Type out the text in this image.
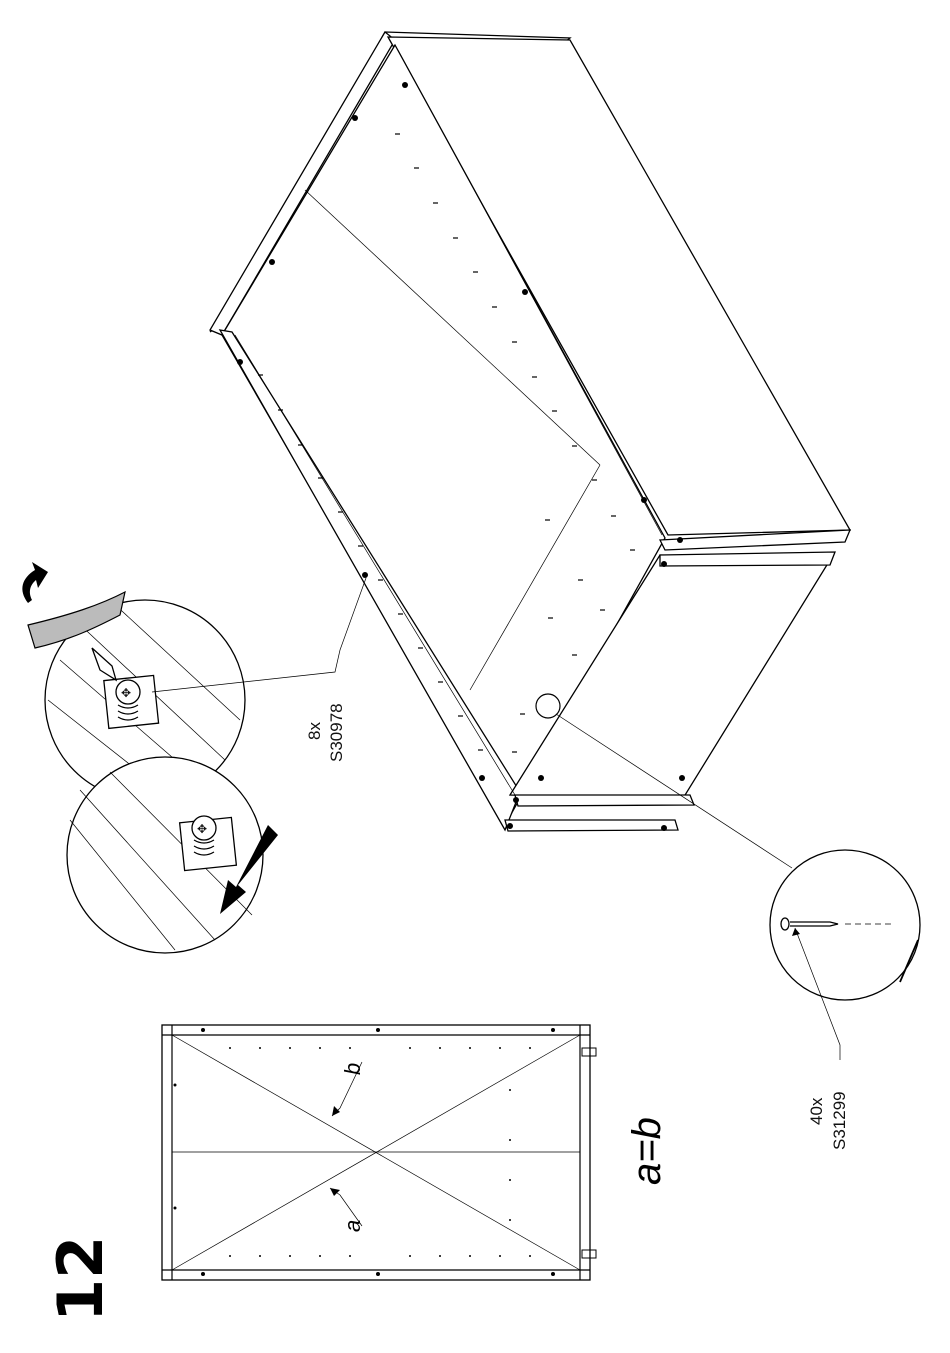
✥
✥
12
8x S30978
40x S31299
b
a
a=b
